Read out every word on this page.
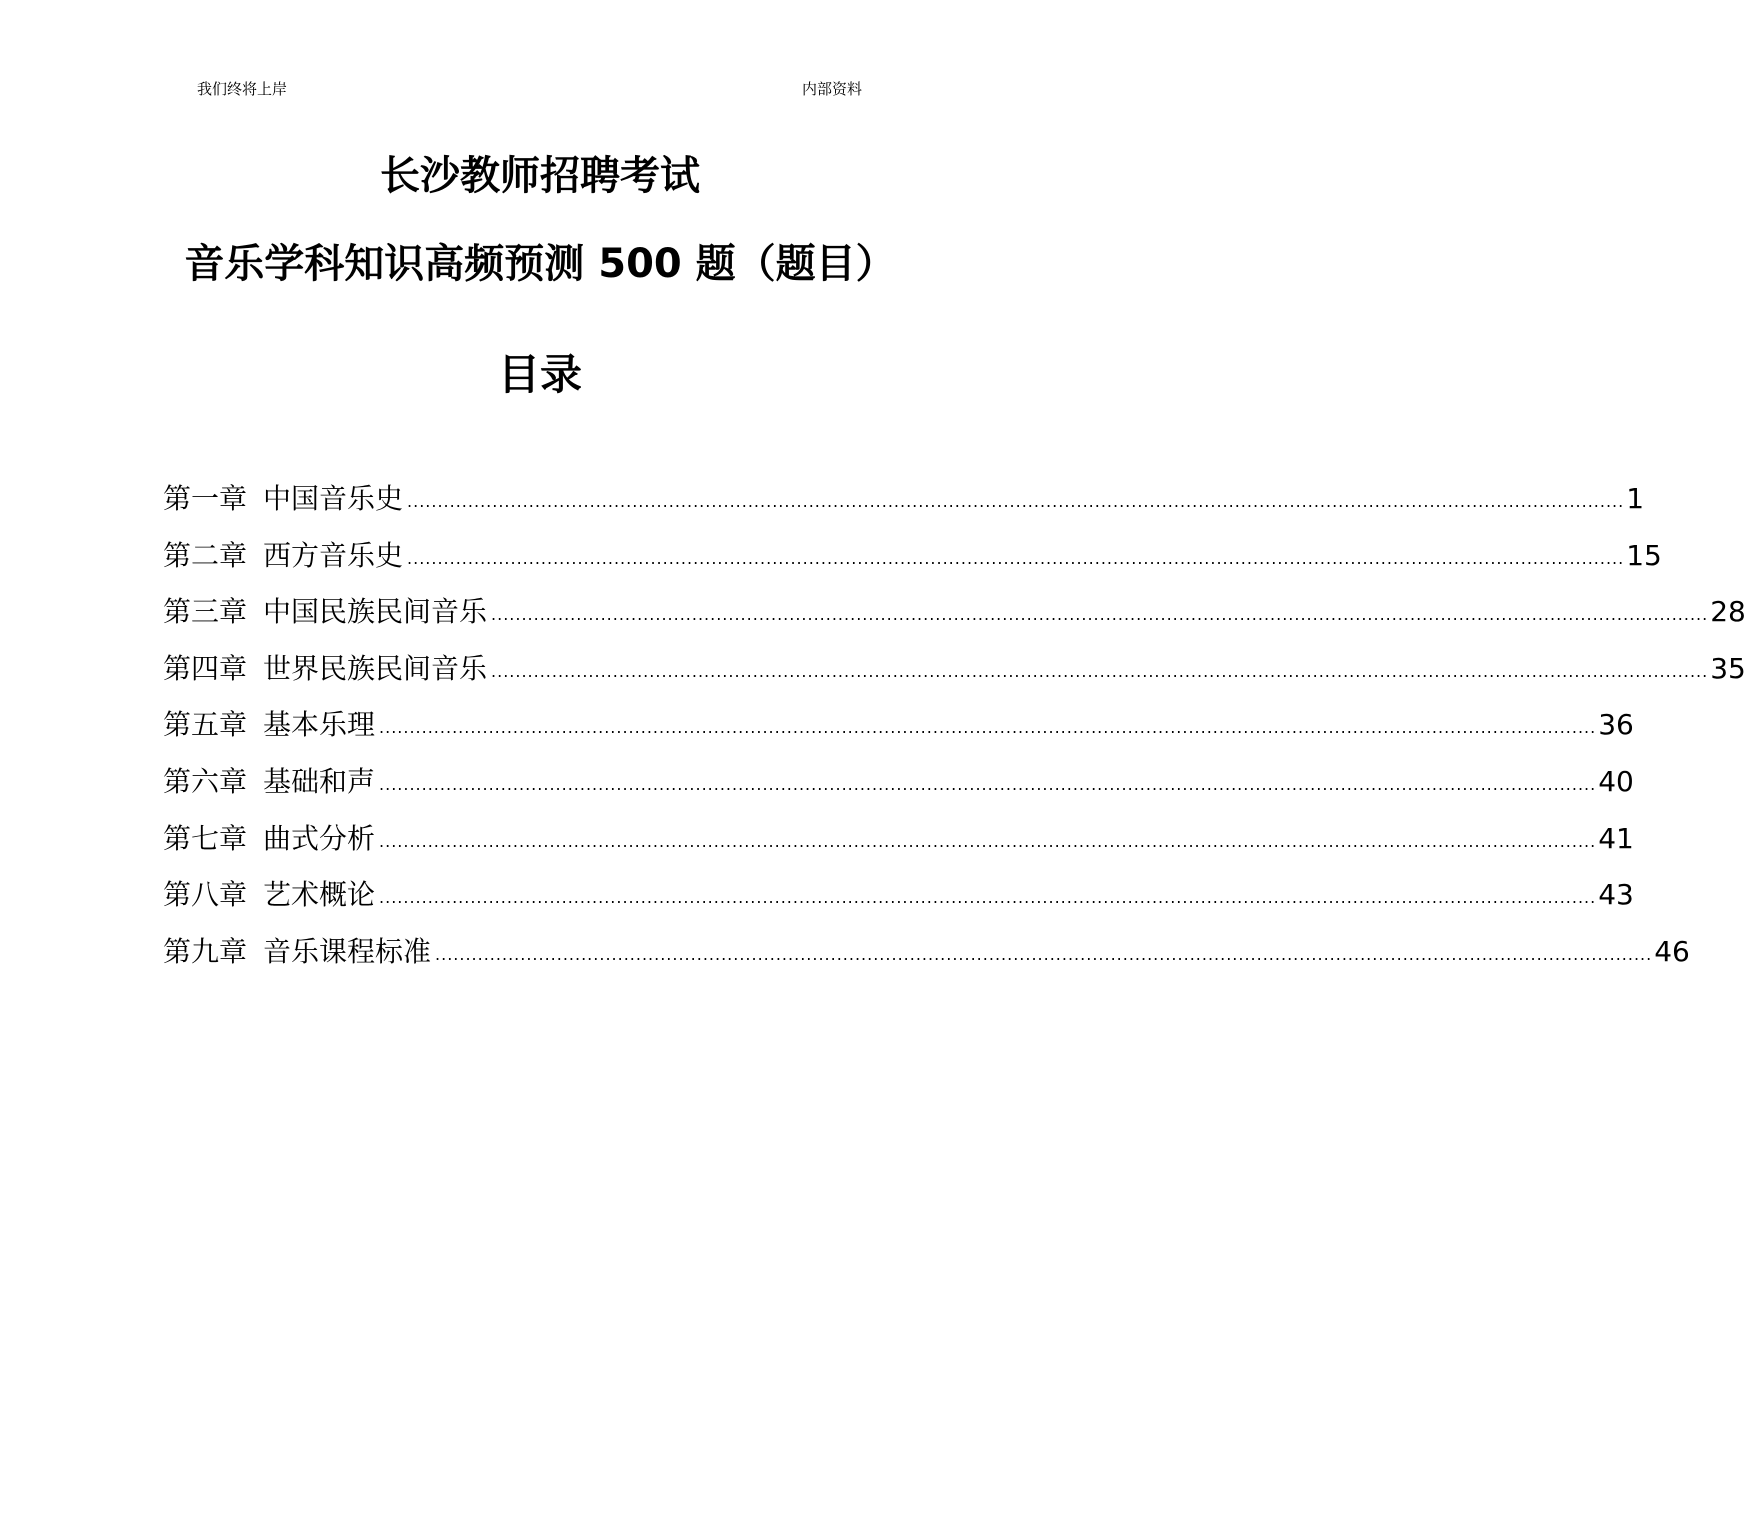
我们终将上岸	内部资料
长沙教师招聘考试
音乐学科知识高频预测 500 题（题目）
目录
第一章 中国音乐史 ........................................................................................................................................................................................................ 1
第二章 西方音乐史 ........................................................................................................................................................................................................ 15
第三章 中国民族民间音乐 ........................................................................................................................................................................................................ 28
第四章 世界民族民间音乐 ........................................................................................................................................................................................................ 35
第五章 基本乐理 ........................................................................................................................................................................................................ 36
第六章 基础和声 ........................................................................................................................................................................................................ 40
第七章 曲式分析 ........................................................................................................................................................................................................ 41
第八章 艺术概论 ........................................................................................................................................................................................................ 43
第九章 音乐课程标准 ........................................................................................................................................................................................................ 46
